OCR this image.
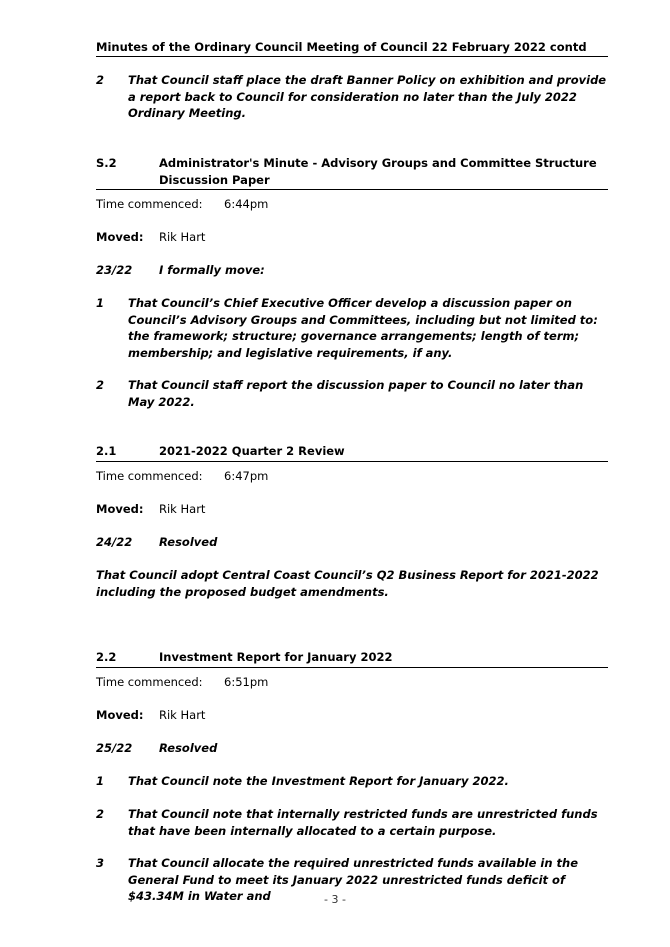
Minutes of the Ordinary Council Meeting of Council 22 February 2022 contd
2 That Council staff place the draft Banner Policy on exhibition and provide a report back to Council for consideration no later than the July 2022 Ordinary Meeting.
S.2	Administrator's Minute - Advisory Groups and Committee Structure Discussion Paper
Time commenced: 6:44pm
Moved: Rik Hart
23/22 I formally move:
1 That Council’s Chief Executive Officer develop a discussion paper on Council’s Advisory Groups and Committees, including but not limited to: the framework; structure; governance arrangements; length of term; membership; and legislative requirements, if any.
2 That Council staff report the discussion paper to Council no later than May 2022.
2.1	2021-2022 Quarter 2 Review
Time commenced: 6:47pm
Moved: Rik Hart
24/22 Resolved
That Council adopt Central Coast Council’s Q2 Business Report for 2021-2022 including the proposed budget amendments.
2.2	Investment Report for January 2022
Time commenced: 6:51pm
Moved: Rik Hart
25/22 Resolved
1 That Council note the Investment Report for January 2022.
2 That Council note that internally restricted funds are unrestricted funds that have been internally allocated to a certain purpose.
3 That Council allocate the required unrestricted funds available in the General Fund to meet its January 2022 unrestricted funds deficit of $43.34M in Water and	- 3 -
